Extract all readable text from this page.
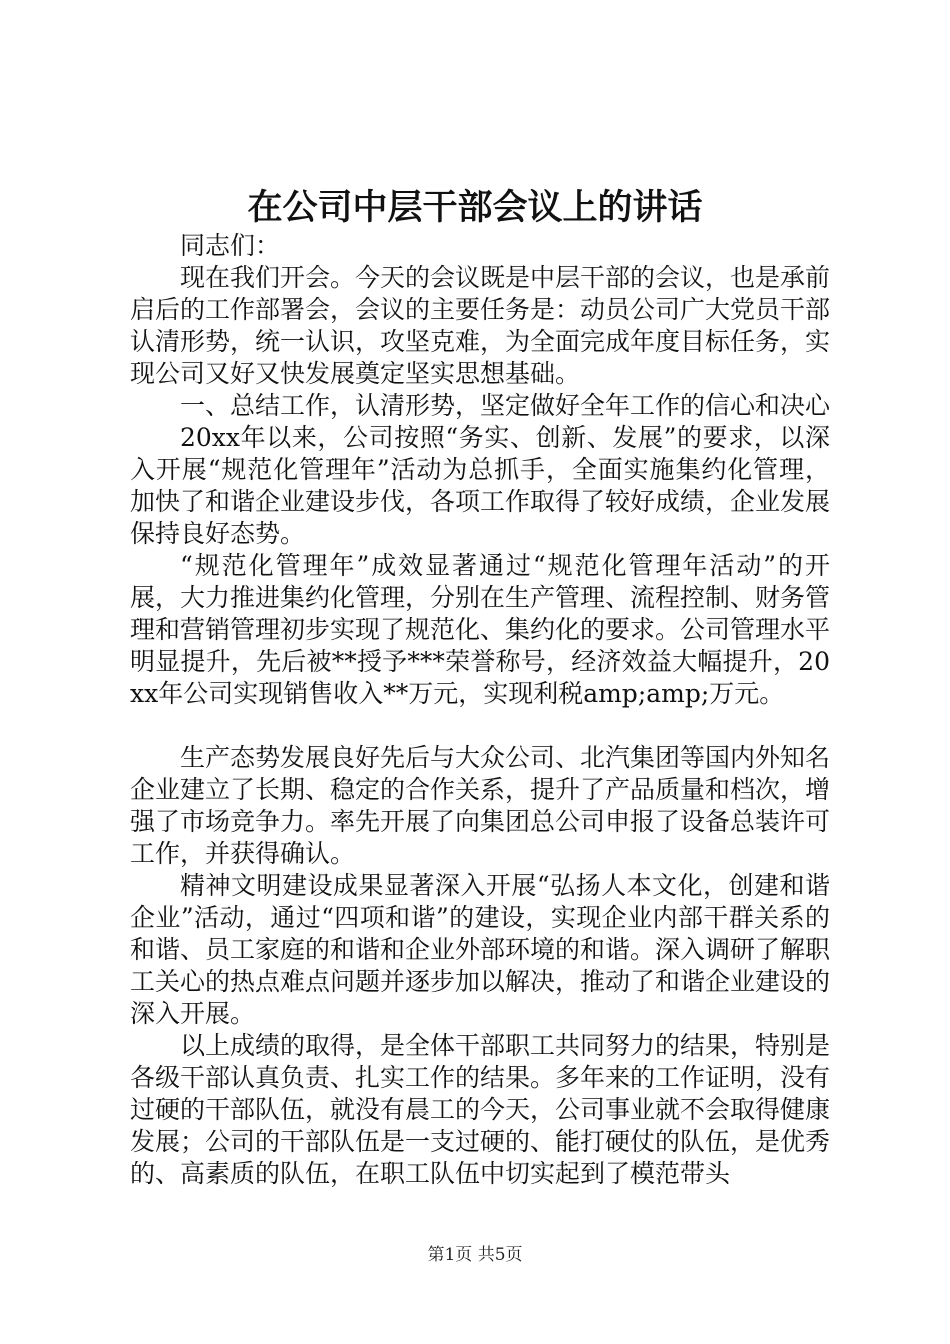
在公司中层干部会议上的讲话

同志们：

现在我们开会。今天的会议既是中层干部的会议，也是承前启后的工作部署会，会议的主要任务是：动员公司广大党员干部认清形势，统一认识，攻坚克难，为全面完成年度目标任务，实现公司又好又快发展奠定坚实思想基础。

一、总结工作，认清形势，坚定做好全年工作的信心和决心

20xx年以来，公司按照“务实、创新、发展”的要求，以深入开展“规范化管理年”活动为总抓手，全面实施集约化管理，加快了和谐企业建设步伐，各项工作取得了较好成绩，企业发展保持良好态势。

“规范化管理年”成效显著通过“规范化管理年活动”的开展，大力推进集约化管理，分别在生产管理、流程控制、财务管理和营销管理初步实现了规范化、集约化的要求。公司管理水平明显提升，先后被**授予***荣誉称号，经济效益大幅提升，20xx年公司实现销售收入**万元，实现利税amp;amp;万元。

生产态势发展良好先后与大众公司、北汽集团等国内外知名企业建立了长期、稳定的合作关系，提升了产品质量和档次，增强了市场竞争力。率先开展了向集团总公司申报了设备总装许可工作，并获得确认。

精神文明建设成果显著深入开展“弘扬人本文化，创建和谐企业”活动，通过“四项和谐”的建设，实现企业内部干群关系的和谐、员工家庭的和谐和企业外部环境的和谐。深入调研了解职工关心的热点难点问题并逐步加以解决，推动了和谐企业建设的深入开展。

以上成绩的取得，是全体干部职工共同努力的结果，特别是各级干部认真负责、扎实工作的结果。多年来的工作证明，没有过硬的干部队伍，就没有晨工的今天，公司事业就不会取得健康发展；公司的干部队伍是一支过硬的、能打硬仗的队伍，是优秀的、高素质的队伍，在职工队伍中切实起到了模范带头

第1页 共5页
